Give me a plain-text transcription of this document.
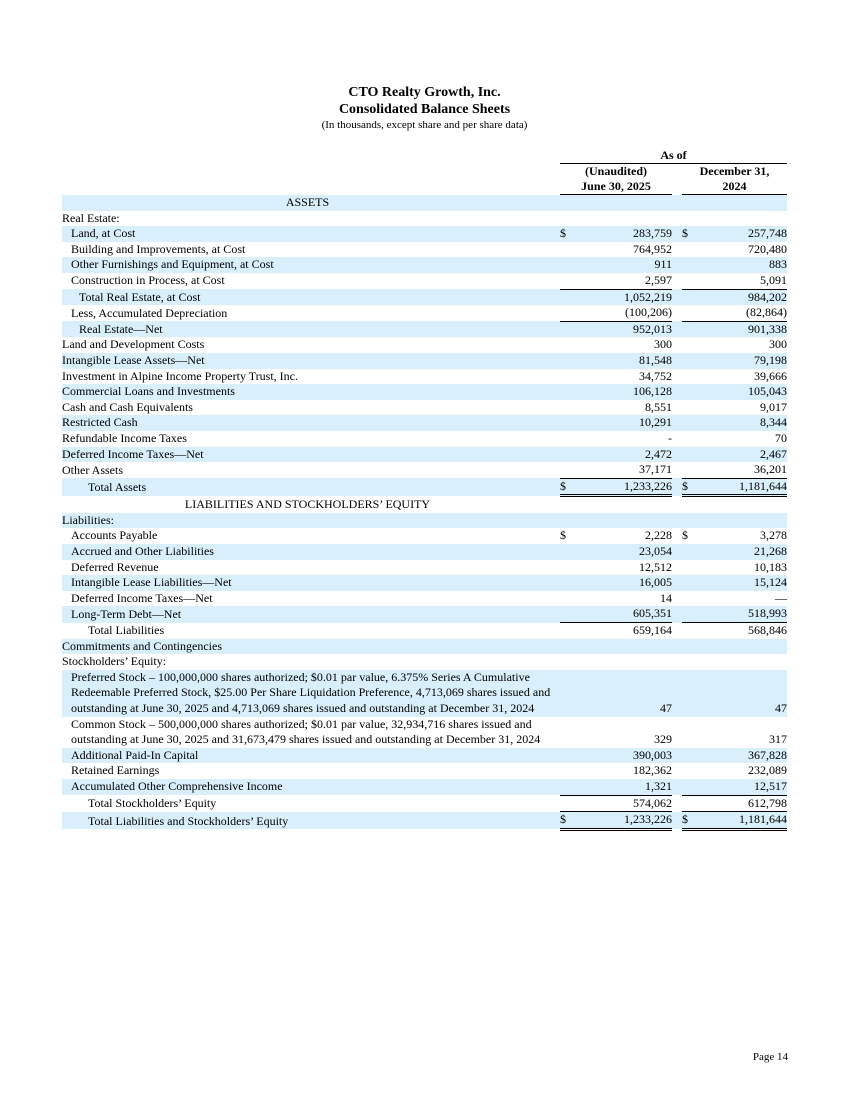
CTO Realty Growth, Inc.
Consolidated Balance Sheets
(In thousands, except share and per share data)
		As of				
		(Unaudited)			December 31,	
		June 30, 2025			2024	

ASSETS						

Real Estate:						
Land, at Cost		$	283,759		$	257,748
Building and Improvements, at Cost			764,952			720,480
Other Furnishings and Equipment, at Cost			911			883
Construction in Process, at Cost			2,597			5,091
Total Real Estate, at Cost			1,052,219			984,202
Less, Accumulated Depreciation			(100,206)			(82,864)
Real Estate—Net			952,013			901,338
Land and Development Costs			300			300
Intangible Lease Assets—Net			81,548			79,198
Investment in Alpine Income Property Trust, Inc.			34,752			39,666
Commercial Loans and Investments			106,128			105,043
Cash and Cash Equivalents			8,551			9,017
Restricted Cash			10,291			8,344
Refundable Income Taxes			-			70
Deferred Income Taxes—Net			2,472			2,467
Other Assets			37,171			36,201
Total Assets		$	1,233,226		$	1,181,644

LIABILITIES AND STOCKHOLDERS’ EQUITY						

Liabilities:						
Accounts Payable		$	2,228		$	3,278
Accrued and Other Liabilities			23,054			21,268
Deferred Revenue			12,512			10,183
Intangible Lease Liabilities—Net			16,005			15,124
Deferred Income Taxes—Net			14			—
Long-Term Debt—Net			605,351			518,993
Total Liabilities			659,164			568,846
Commitments and Contingencies						
Stockholders’ Equity:						
Preferred Stock – 100,000,000 shares authorized; $0.01 par value, 6.375% Series A Cumulative Redeemable Preferred Stock, $25.00 Per Share Liquidation Preference, 4,713,069 shares issued and outstanding at June 30, 2025 and 4,713,069 shares issued and outstanding at December 31, 2024			47			47
Common Stock – 500,000,000 shares authorized; $0.01 par value, 32,934,716 shares issued and outstanding at June 30, 2025 and 31,673,479 shares issued and outstanding at December 31, 2024			329			317
Additional Paid-In Capital			390,003			367,828
Retained Earnings			182,362			232,089
Accumulated Other Comprehensive Income			1,321			12,517
Total Stockholders’ Equity			574,062			612,798
Total Liabilities and Stockholders’ Equity		$	1,233,226		$	1,181,644
Page 14
